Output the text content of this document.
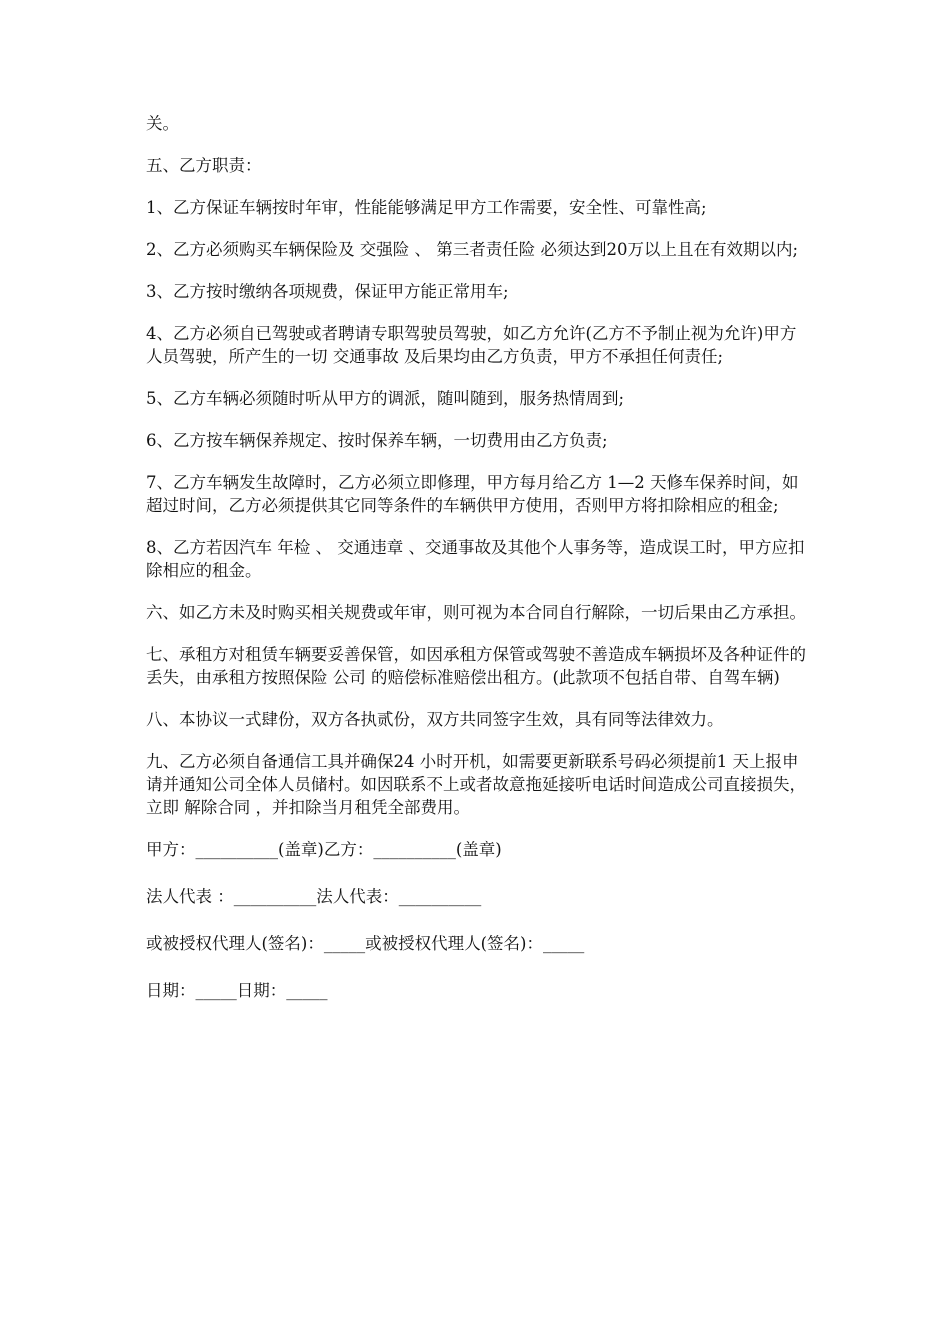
关。

五、乙方职责：

1、乙方保证车辆按时年审，性能能够满足甲方工作需要，安全性、可靠性高;

2、乙方必须购买车辆保险及 交强险 、 第三者责任险 必须达到20万以上且在有效期以内;

3、乙方按时缴纳各项规费，保证甲方能正常用车;

4、乙方必须自已驾驶或者聘请专职驾驶员驾驶，如乙方允许(乙方不予制止视为允许)甲方人员驾驶，所产生的一切 交通事故 及后果均由乙方负责，甲方不承担任何责任;

5、乙方车辆必须随时听从甲方的调派，随叫随到，服务热情周到;

6、乙方按车辆保养规定、按时保养车辆，一切费用由乙方负责;

7、乙方车辆发生故障时，乙方必须立即修理，甲方每月给乙方 1—2 天修车保养时间，如超过时间，乙方必须提供其它同等条件的车辆供甲方使用，否则甲方将扣除相应的租金;

8、乙方若因汽车 年检 、 交通违章 、交通事故及其他个人事务等，造成误工时，甲方应扣除相应的租金。

六、如乙方未及时购买相关规费或年审，则可视为本合同自行解除，一切后果由乙方承担。

七、承租方对租赁车辆要妥善保管，如因承租方保管或驾驶不善造成车辆损坏及各种证件的丢失，由承租方按照保险 公司 的赔偿标准赔偿出租方。(此款项不包括自带、自驾车辆)

八、本协议一式肆份，双方各执贰份，双方共同签字生效，具有同等法律效力。

九、乙方必须自备通信工具并确保24 小时开机，如需要更新联系号码必须提前1 天上报申请并通知公司全体人员储村。如因联系不上或者故意拖延接听电话时间造成公司直接损失，立即 解除合同 ，并扣除当月租凭全部费用。

甲方：__________(盖章)乙方：__________(盖章)

法人代表 ：__________法人代表：__________

或被授权代理人(签名)：_____或被授权代理人(签名)：_____

日期：_____日期：_____
